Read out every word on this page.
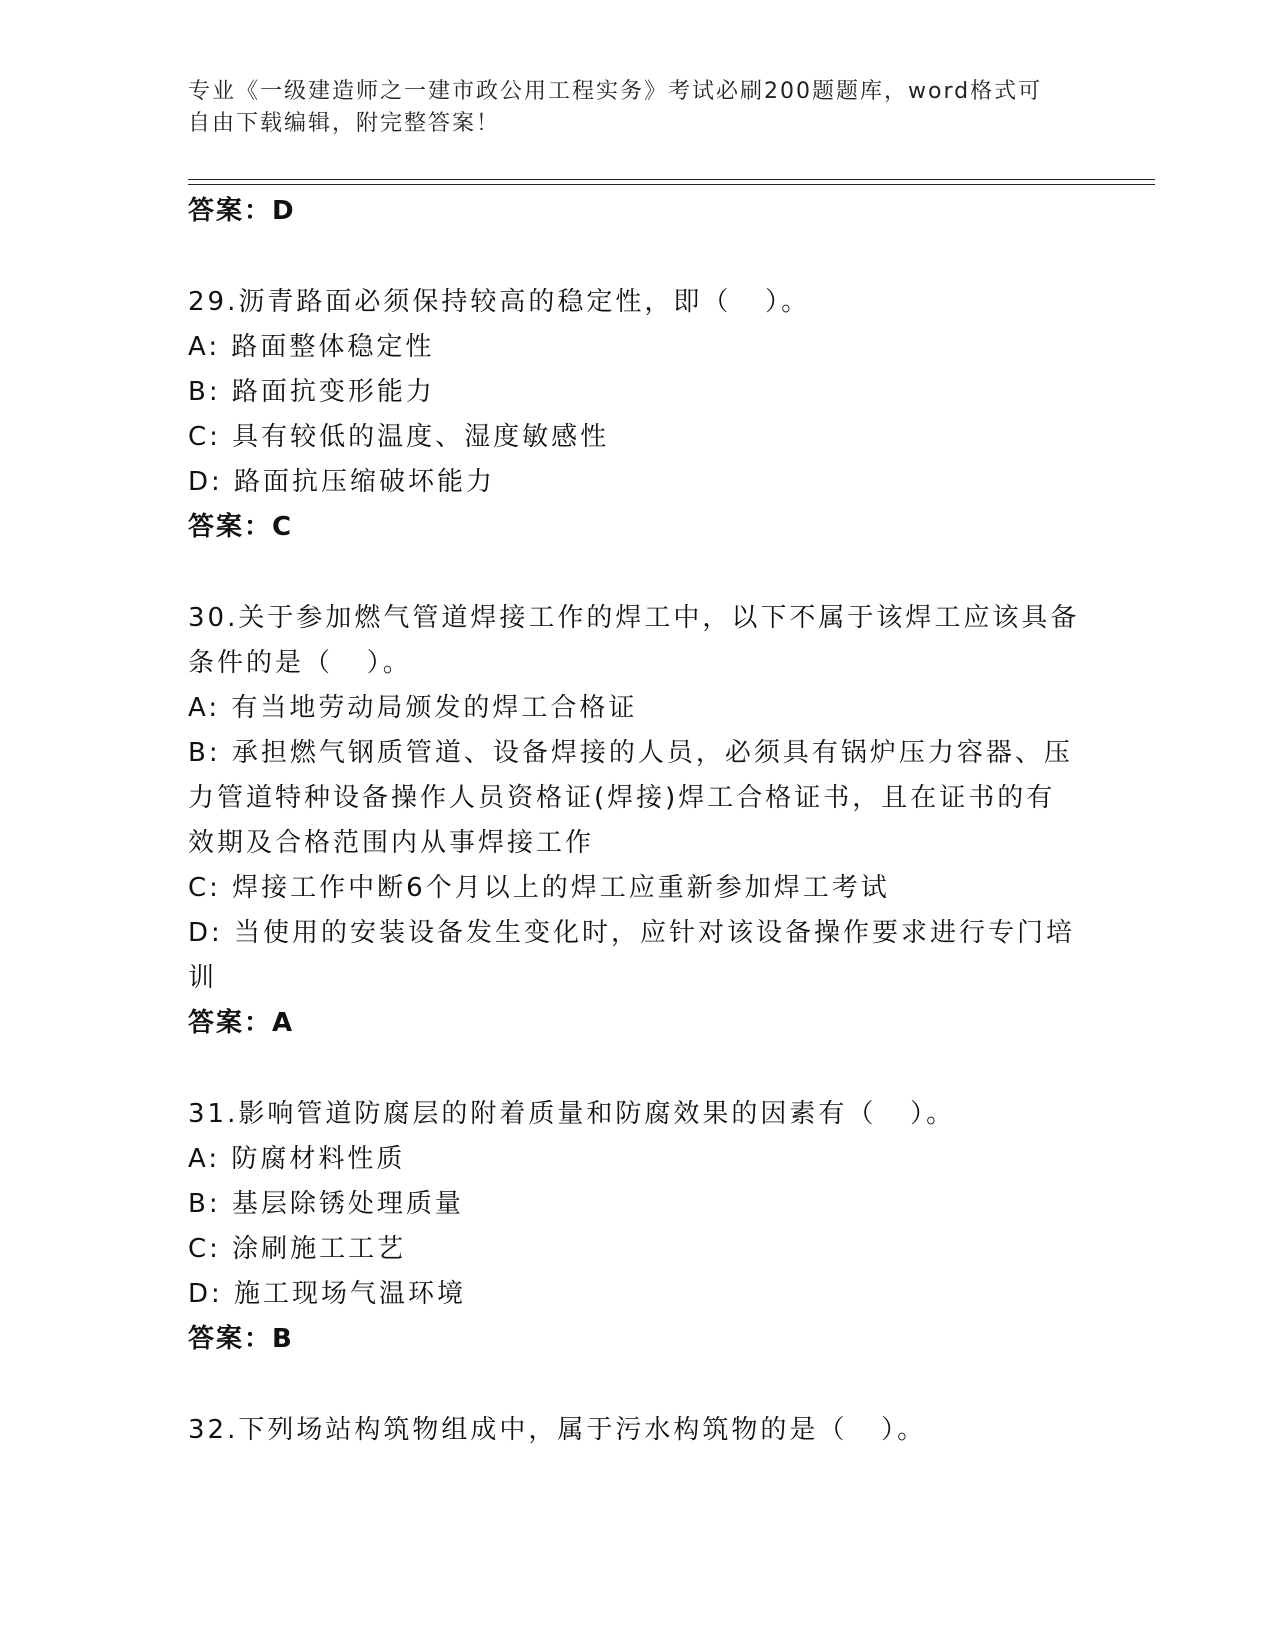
专业《一级建造师之一建市政公用工程实务》考试必刷200题题库，word格式可
自由下载编辑，附完整答案！
答案：D
29.沥青路面必须保持较高的稳定性，即（   ）。
A: 路面整体稳定性
B: 路面抗变形能力
C: 具有较低的温度、湿度敏感性
D: 路面抗压缩破坏能力
答案：C
30.关于参加燃气管道焊接工作的焊工中，以下不属于该焊工应该具备
条件的是（   ）。
A: 有当地劳动局颁发的焊工合格证
B: 承担燃气钢质管道、设备焊接的人员，必须具有锅炉压力容器、压
力管道特种设备操作人员资格证(焊接)焊工合格证书，且在证书的有
效期及合格范围内从事焊接工作
C: 焊接工作中断6个月以上的焊工应重新参加焊工考试
D: 当使用的安装设备发生变化时，应针对该设备操作要求进行专门培
训
答案：A
31.影响管道防腐层的附着质量和防腐效果的因素有（   ）。
A: 防腐材料性质
B: 基层除锈处理质量
C: 涂刷施工工艺
D: 施工现场气温环境
答案：B
32.下列场站构筑物组成中，属于污水构筑物的是（   ）。
